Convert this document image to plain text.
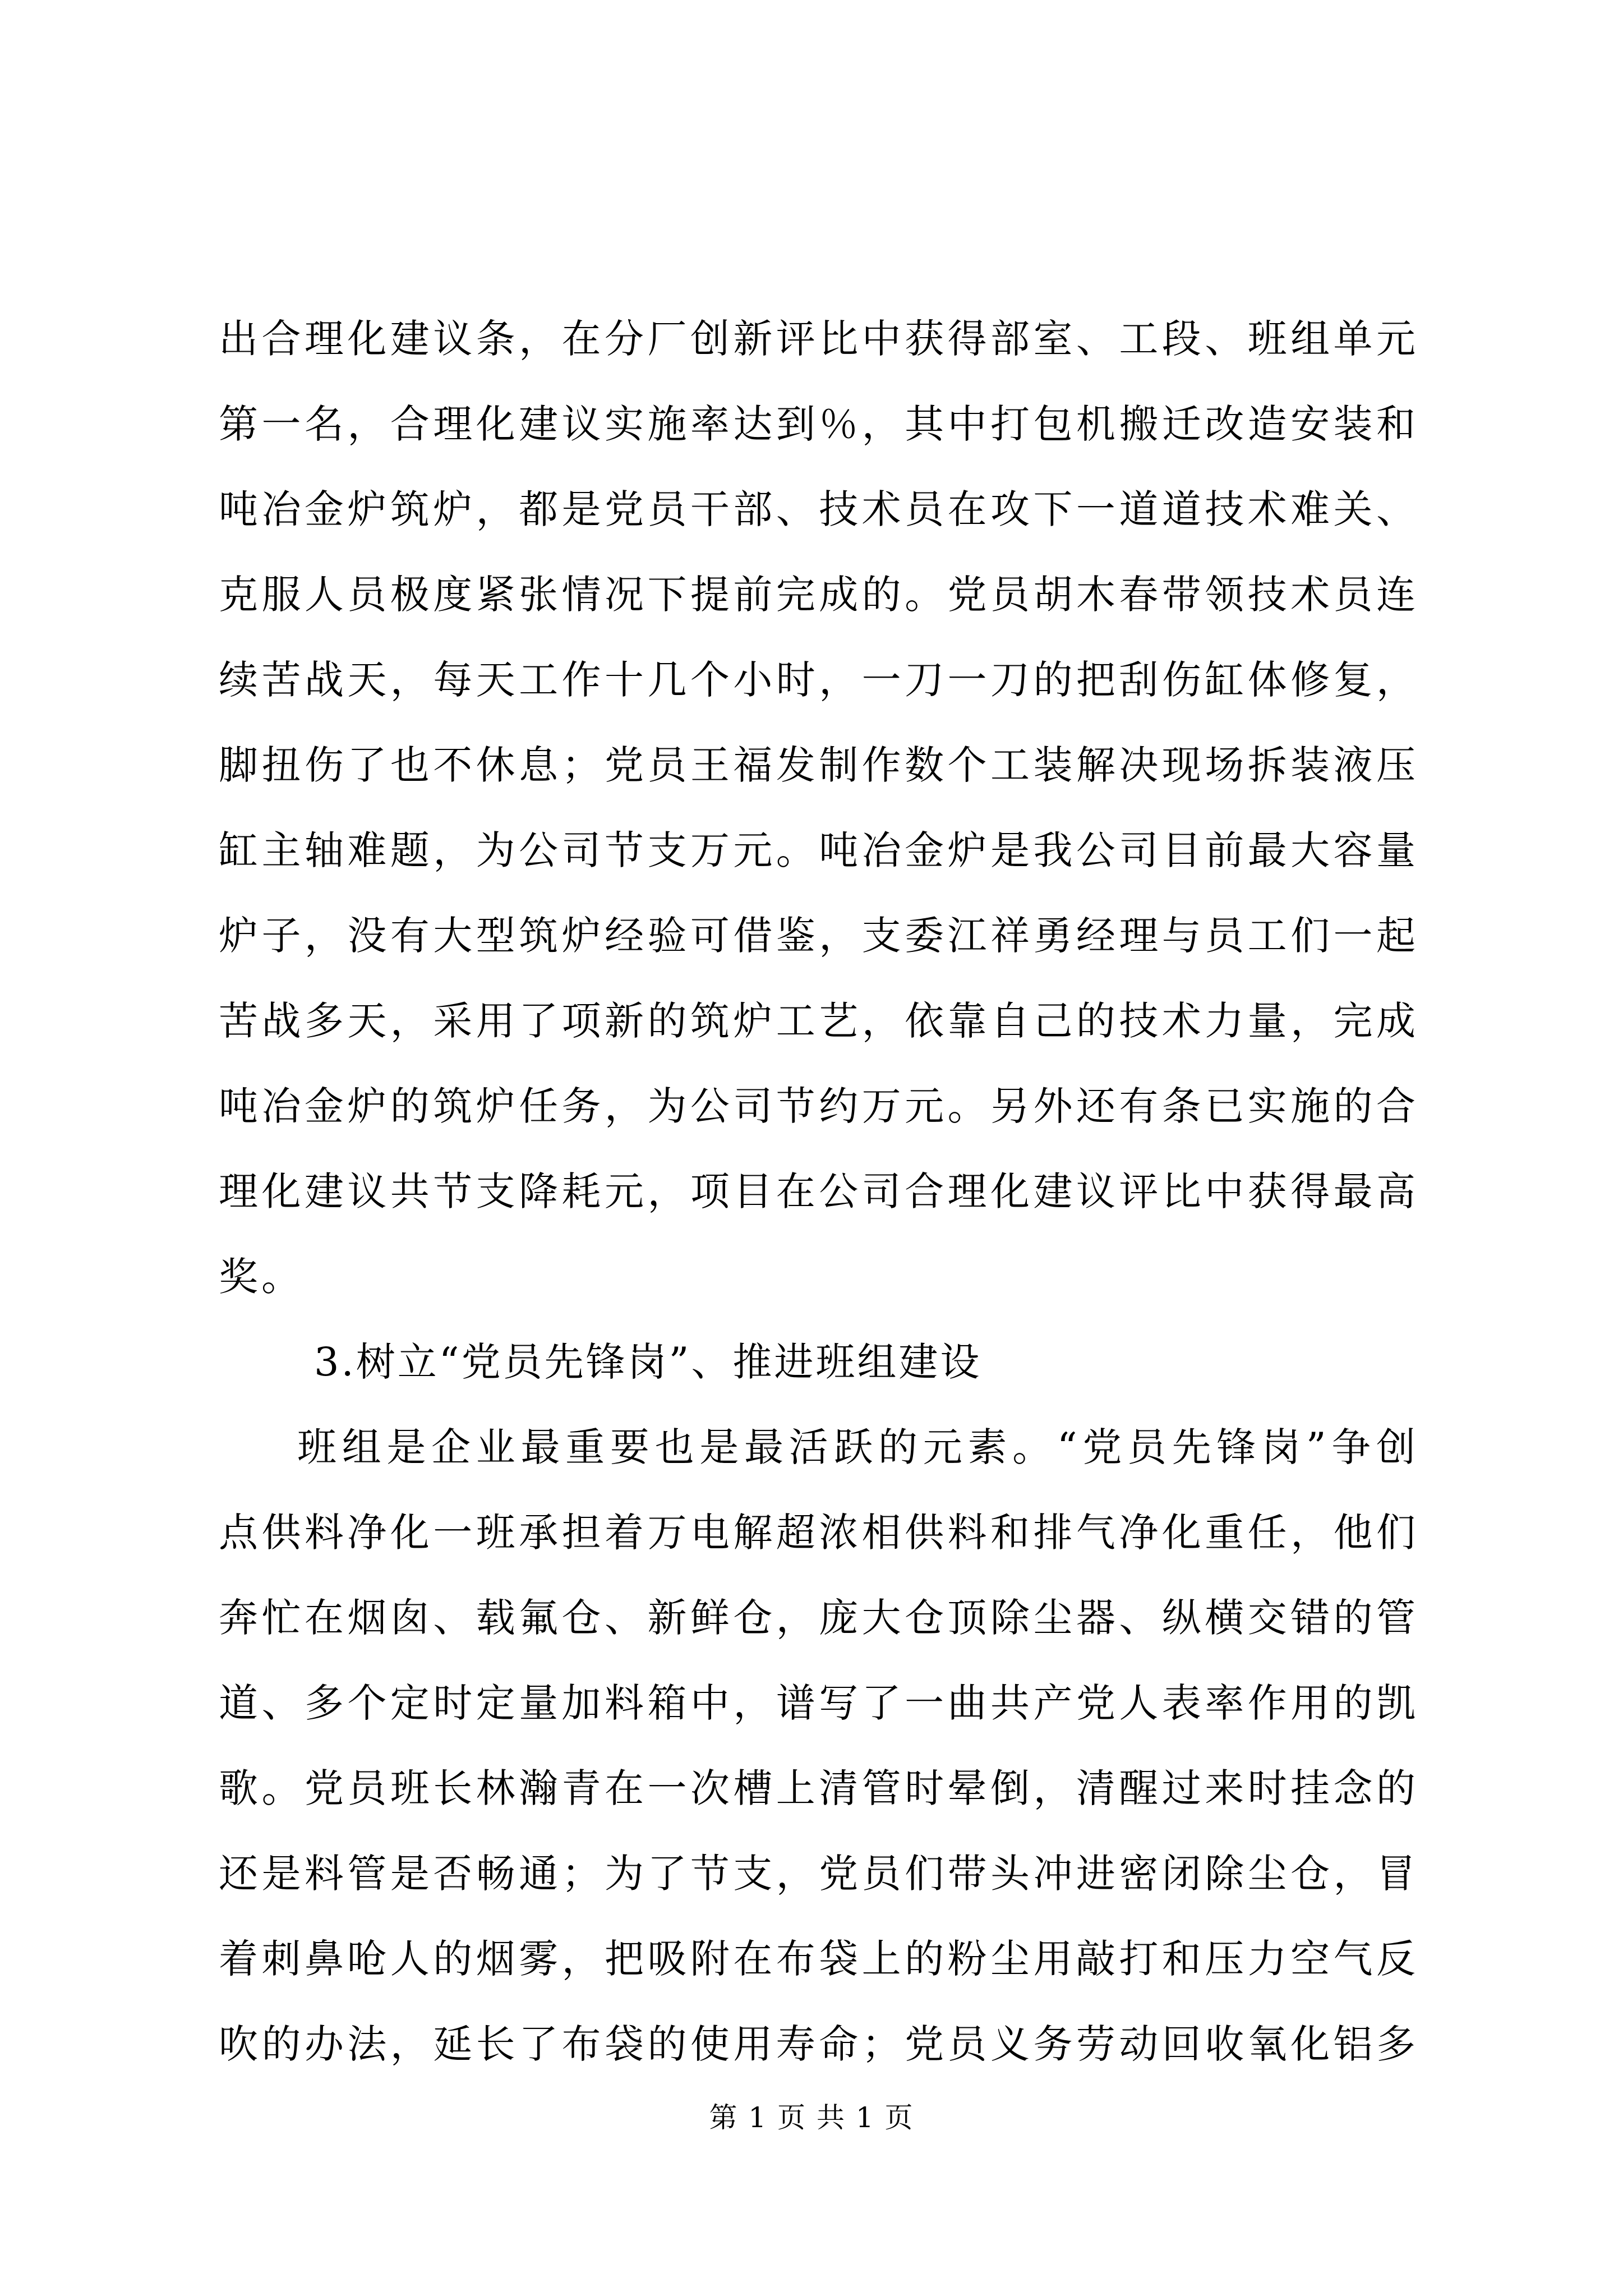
出合理化建议条，在分厂创新评比中获得部室、工段、班组单元
第一名，合理化建议实施率达到％，其中打包机搬迁改造安装和
吨冶金炉筑炉，都是党员干部、技术员在攻下一道道技术难关、
克服人员极度紧张情况下提前完成的。党员胡木春带领技术员连
续苦战天，每天工作十几个小时，一刀一刀的把刮伤缸体修复，
脚扭伤了也不休息；党员王福发制作数个工装解决现场拆装液压
缸主轴难题，为公司节支万元。吨冶金炉是我公司目前最大容量
炉子，没有大型筑炉经验可借鉴，支委江祥勇经理与员工们一起
苦战多天，采用了项新的筑炉工艺，依靠自己的技术力量，完成
吨冶金炉的筑炉任务，为公司节约万元。另外还有条已实施的合
理化建议共节支降耗元，项目在公司合理化建议评比中获得最高
奖。
3.树立“党员先锋岗”、推进班组建设
班组是企业最重要也是最活跃的元素。“党员先锋岗”争创
点供料净化一班承担着万电解超浓相供料和排气净化重任，他们
奔忙在烟囱、载氟仓、新鲜仓，庞大仓顶除尘器、纵横交错的管
道、多个定时定量加料箱中，谱写了一曲共产党人表率作用的凯
歌。党员班长林瀚青在一次槽上清管时晕倒，清醒过来时挂念的
还是料管是否畅通；为了节支，党员们带头冲进密闭除尘仓，冒
着刺鼻呛人的烟雾，把吸附在布袋上的粉尘用敲打和压力空气反
吹的办法，延长了布袋的使用寿命；党员义务劳动回收氧化铝多
第 1 页 共 1 页
